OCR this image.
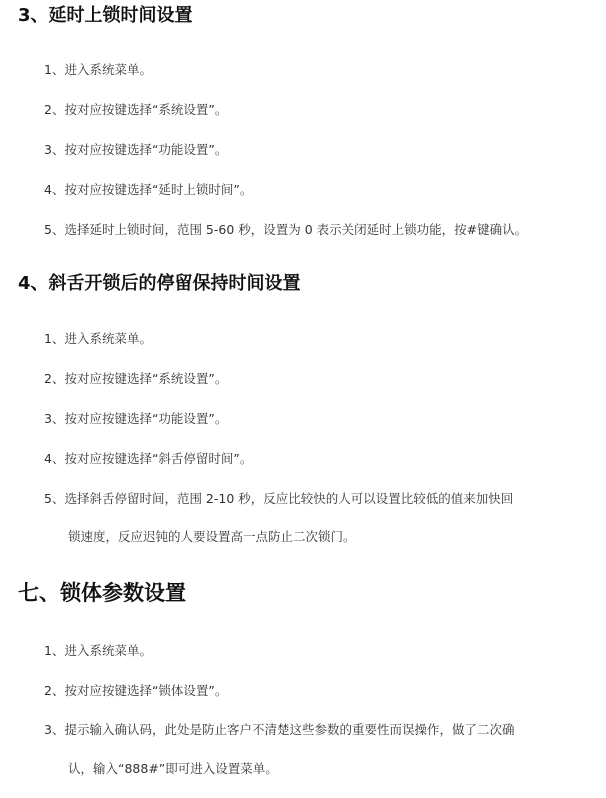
3、延时上锁时间设置
1、进入系统菜单。
2、按对应按键选择“系统设置”。
3、按对应按键选择“功能设置”。
4、按对应按键选择“延时上锁时间”。
5、选择延时上锁时间，范围 5-60 秒，设置为 0 表示关闭延时上锁功能，按#键确认。
4、斜舌开锁后的停留保持时间设置
1、进入系统菜单。
2、按对应按键选择“系统设置”。
3、按对应按键选择“功能设置”。
4、按对应按键选择“斜舌停留时间”。
5、选择斜舌停留时间，范围 2-10 秒，反应比较快的人可以设置比较低的值来加快回
锁速度，反应迟钝的人要设置高一点防止二次锁门。
七、锁体参数设置
1、进入系统菜单。
2、按对应按键选择“锁体设置”。
3、提示输入确认码，此处是防止客户不清楚这些参数的重要性而误操作，做了二次确
认，输入“888#”即可进入设置菜单。
